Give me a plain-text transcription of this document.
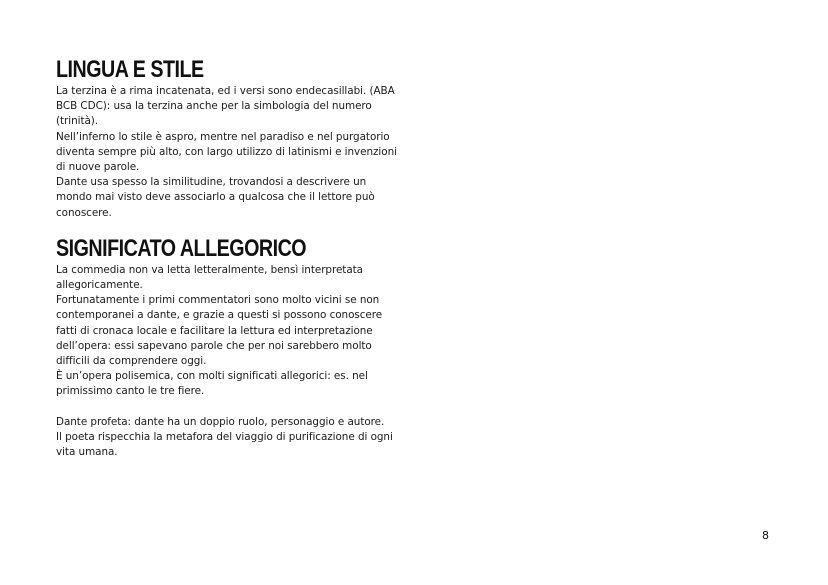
LINGUA E STILE

La terzina è a rima incatenata, ed i versi sono endecasillabi. (ABA BCB CDC): usa la terzina anche per la simbologia del numero (trinità).

Nell’inferno lo stile è aspro, mentre nel paradiso e nel purgatorio diventa sempre più alto, con largo utilizzo di latinismi e invenzioni di nuove parole.

Dante usa spesso la similitudine, trovandosi a descrivere un mondo mai visto deve associarlo a qualcosa che il lettore può conoscere.

SIGNIFICATO ALLEGORICO

La commedia non va letta letteralmente, bensì interpretata allegoricamente.

Fortunatamente i primi commentatori sono molto vicini se non contemporanei a dante, e grazie a questi si possono conoscere fatti di cronaca locale e facilitare la lettura ed interpretazione dell’opera: essi sapevano parole che per noi sarebbero molto difficili da comprendere oggi.

È un’opera polisemica, con molti significati allegorici: es. nel primissimo canto le tre fiere.

Dante profeta: dante ha un doppio ruolo, personaggio e autore.

Il poeta rispecchia la metafora del viaggio di purificazione di ogni vita umana.

8
